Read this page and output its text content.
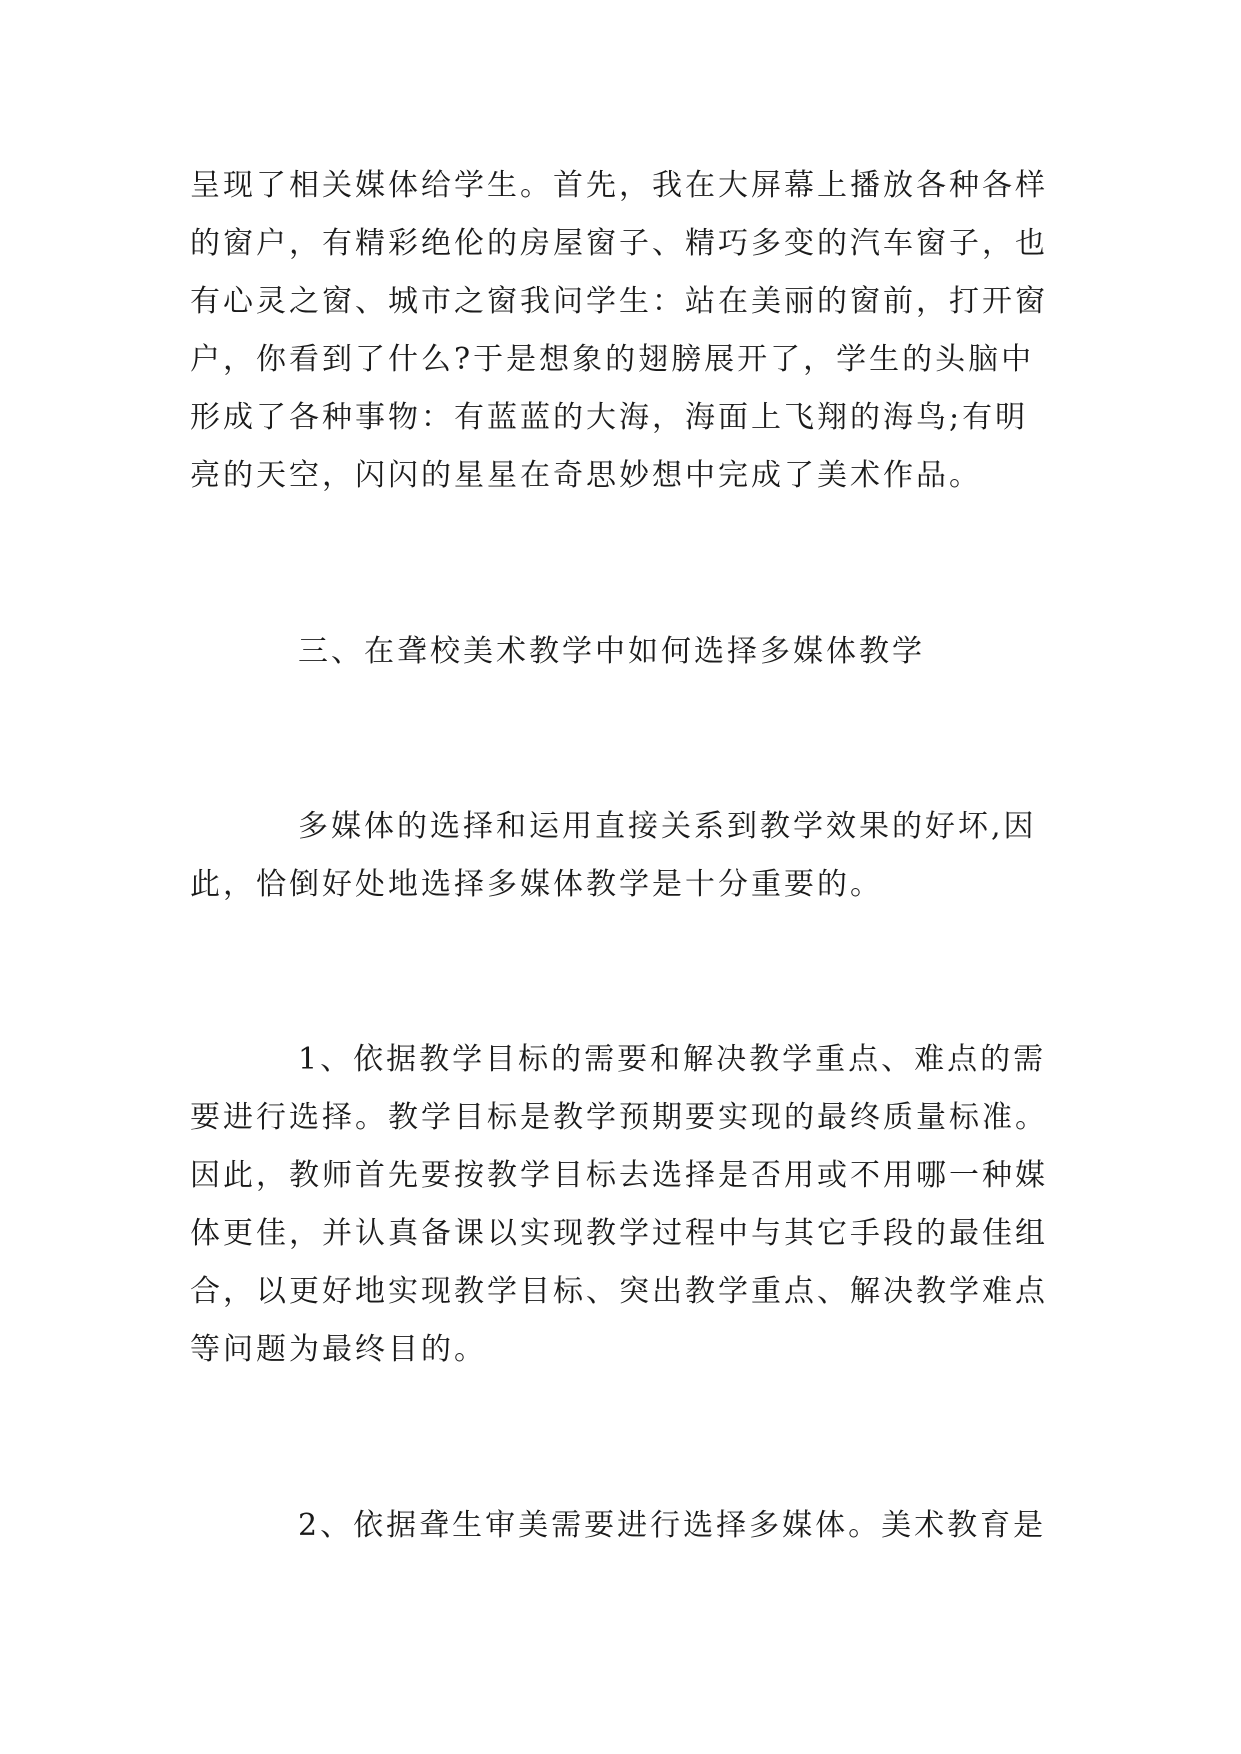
呈现了相关媒体给学生。首先，我在大屏幕上播放各种各样
的窗户，有精彩绝伦的房屋窗子、精巧多变的汽车窗子，也
有心灵之窗、城市之窗我问学生：站在美丽的窗前，打开窗
户，你看到了什么?于是想象的翅膀展开了，学生的头脑中
形成了各种事物：有蓝蓝的大海，海面上飞翔的海鸟;有明
亮的天空，闪闪的星星在奇思妙想中完成了美术作品。
三、在聋校美术教学中如何选择多媒体教学
多媒体的选择和运用直接关系到教学效果的好坏,因
此，恰倒好处地选择多媒体教学是十分重要的。
1、依据教学目标的需要和解决教学重点、难点的需
要进行选择。教学目标是教学预期要实现的最终质量标准。
因此，教师首先要按教学目标去选择是否用或不用哪一种媒
体更佳，并认真备课以实现教学过程中与其它手段的最佳组
合，以更好地实现教学目标、突出教学重点、解决教学难点
等问题为最终目的。
2、依据聋生审美需要进行选择多媒体。美术教育是
